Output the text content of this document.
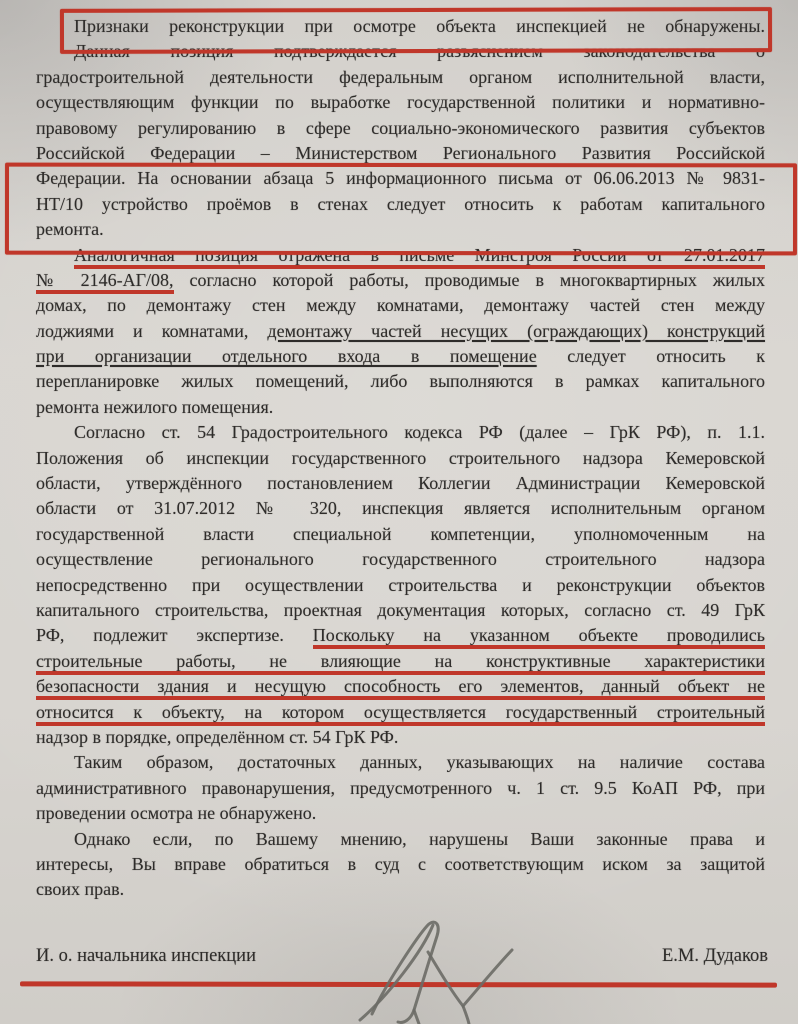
Признаки реконструкции при осмотре объекта инспекцией не обнаружены.
Данная позиция подтверждается разъяснением законодательства о
градостроительной деятельности федеральным органом исполнительной власти,
осуществляющим функции по выработке государственной политики и нормативно-
правовому регулированию в сфере социально-экономического развития субъектов
Российской Федерации – Министерством Регионального Развития Российской
Федерации. На основании абзаца 5 информационного письма от 06.06.2013 № 9831-
НТ/10 устройство проёмов в стенах следует относить к работам капитального
ремонта.
Аналогичная позиция отражена в письме Минстроя России от 27.01.2017
№ 2146-АГ/08, согласно которой работы, проводимые в многоквартирных жилых
домах, по демонтажу стен между комнатами, демонтажу частей стен между
лоджиями и комнатами, демонтажу частей несущих (ограждающих) конструкций
при организации отдельного входа в помещение следует относить к
перепланировке жилых помещений, либо выполняются в рамках капитального
ремонта нежилого помещения.
Согласно ст. 54 Градостроительного кодекса РФ (далее – ГрК РФ), п. 1.1.
Положения об инспекции государственного строительного надзора Кемеровской
области, утверждённого постановлением Коллегии Администрации Кемеровской
области от 31.07.2012 № 320, инспекция является исполнительным органом
государственной власти специальной компетенции, уполномоченным на
осуществление регионального государственного строительного надзора
непосредственно при осуществлении строительства и реконструкции объектов
капитального строительства, проектная документация которых, согласно ст. 49 ГрК
РФ, подлежит экспертизе. Поскольку на указанном объекте проводились
строительные работы, не влияющие на конструктивные характеристики
безопасности здания и несущую способность его элементов, данный объект не
относится к объекту, на котором осуществляется государственный строительный
надзор в порядке, определённом ст. 54 ГрК РФ.
Таким образом, достаточных данных, указывающих на наличие состава
административного правонарушения, предусмотренного ч. 1 ст. 9.5 КоАП РФ, при
проведении осмотра не обнаружено.
Однако если, по Вашему мнению, нарушены Ваши законные права и
интересы, Вы вправе обратиться в суд с соответствующим иском за защитой
своих прав.
И. о. начальника инспекции	Е.М. Дудаков
